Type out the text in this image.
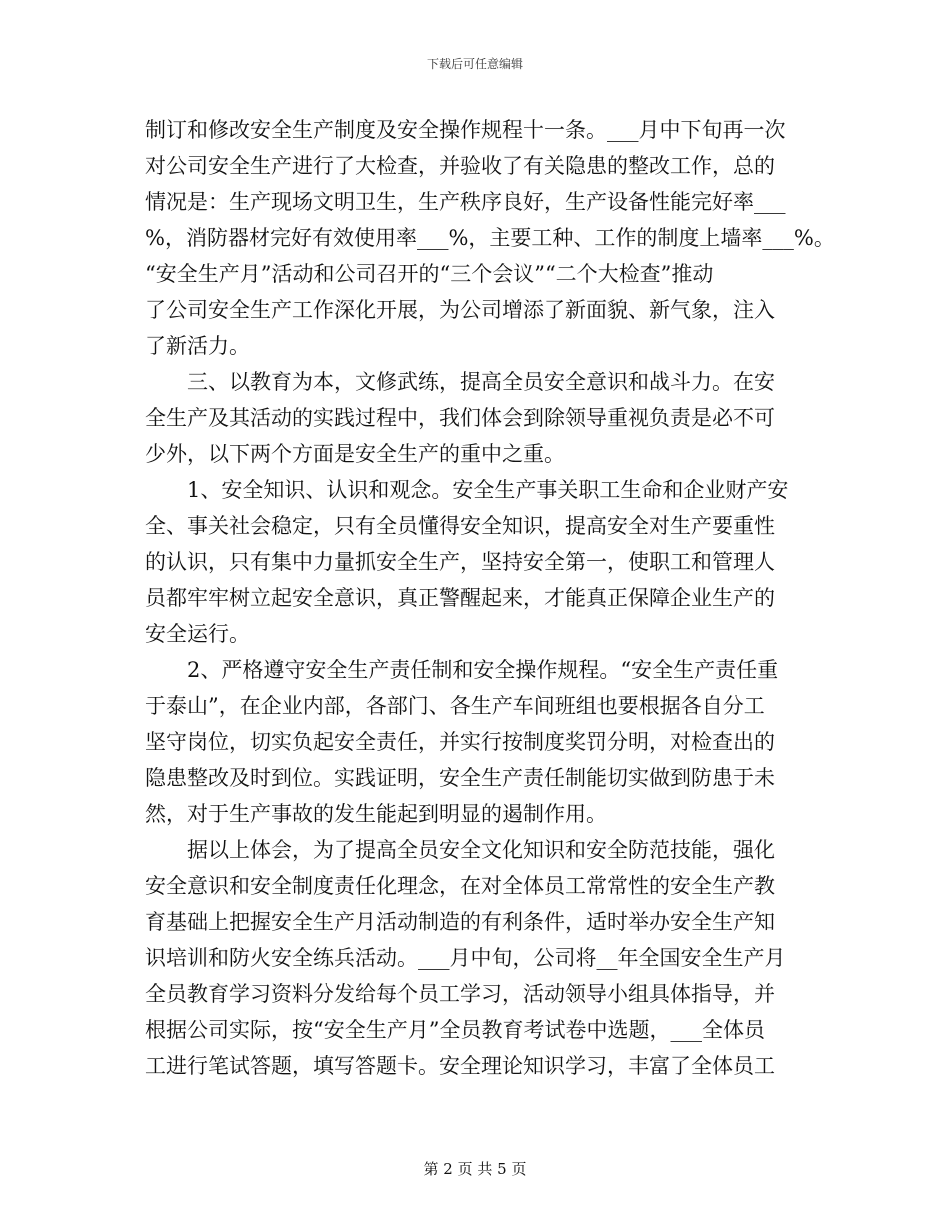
下载后可任意编辑
制订和修改安全生产制度及安全操作规程十一条。___月中下旬再一次
对公司安全生产进行了大检查，并验收了有关隐患的整改工作，总的
情况是：生产现场文明卫生，生产秩序良好，生产设备性能完好率___
%，消防器材完好有效使用率___%，主要工种、工作的制度上墙率___%。
“安全生产月”活动和公司召开的“三个会议”“二个大检查”推动
了公司安全生产工作深化开展，为公司增添了新面貌、新气象，注入
了新活力。
　　三、以教育为本，文修武练，提高全员安全意识和战斗力。在安
全生产及其活动的实践过程中，我们体会到除领导重视负责是必不可
少外，以下两个方面是安全生产的重中之重。
　　1、安全知识、认识和观念。安全生产事关职工生命和企业财产安
全、事关社会稳定，只有全员懂得安全知识，提高安全对生产要重性
的认识，只有集中力量抓安全生产，坚持安全第一，使职工和管理人
员都牢牢树立起安全意识，真正警醒起来，才能真正保障企业生产的
安全运行。
　　2、严格遵守安全生产责任制和安全操作规程。“安全生产责任重
于泰山”，在企业内部，各部门、各生产车间班组也要根据各自分工
坚守岗位，切实负起安全责任，并实行按制度奖罚分明，对检查出的
隐患整改及时到位。实践证明，安全生产责任制能切实做到防患于未
然，对于生产事故的发生能起到明显的遏制作用。
　　据以上体会，为了提高全员安全文化知识和安全防范技能，强化
安全意识和安全制度责任化理念，在对全体员工常常性的安全生产教
育基础上把握安全生产月活动制造的有利条件，适时举办安全生产知
识培训和防火安全练兵活动。___月中旬，公司将__年全国安全生产月
全员教育学习资料分发给每个员工学习，活动领导小组具体指导，并
根据公司实际，按“安全生产月”全员教育考试卷中选题，___全体员
工进行笔试答题，填写答题卡。安全理论知识学习，丰富了全体员工
第 2 页 共 5 页
